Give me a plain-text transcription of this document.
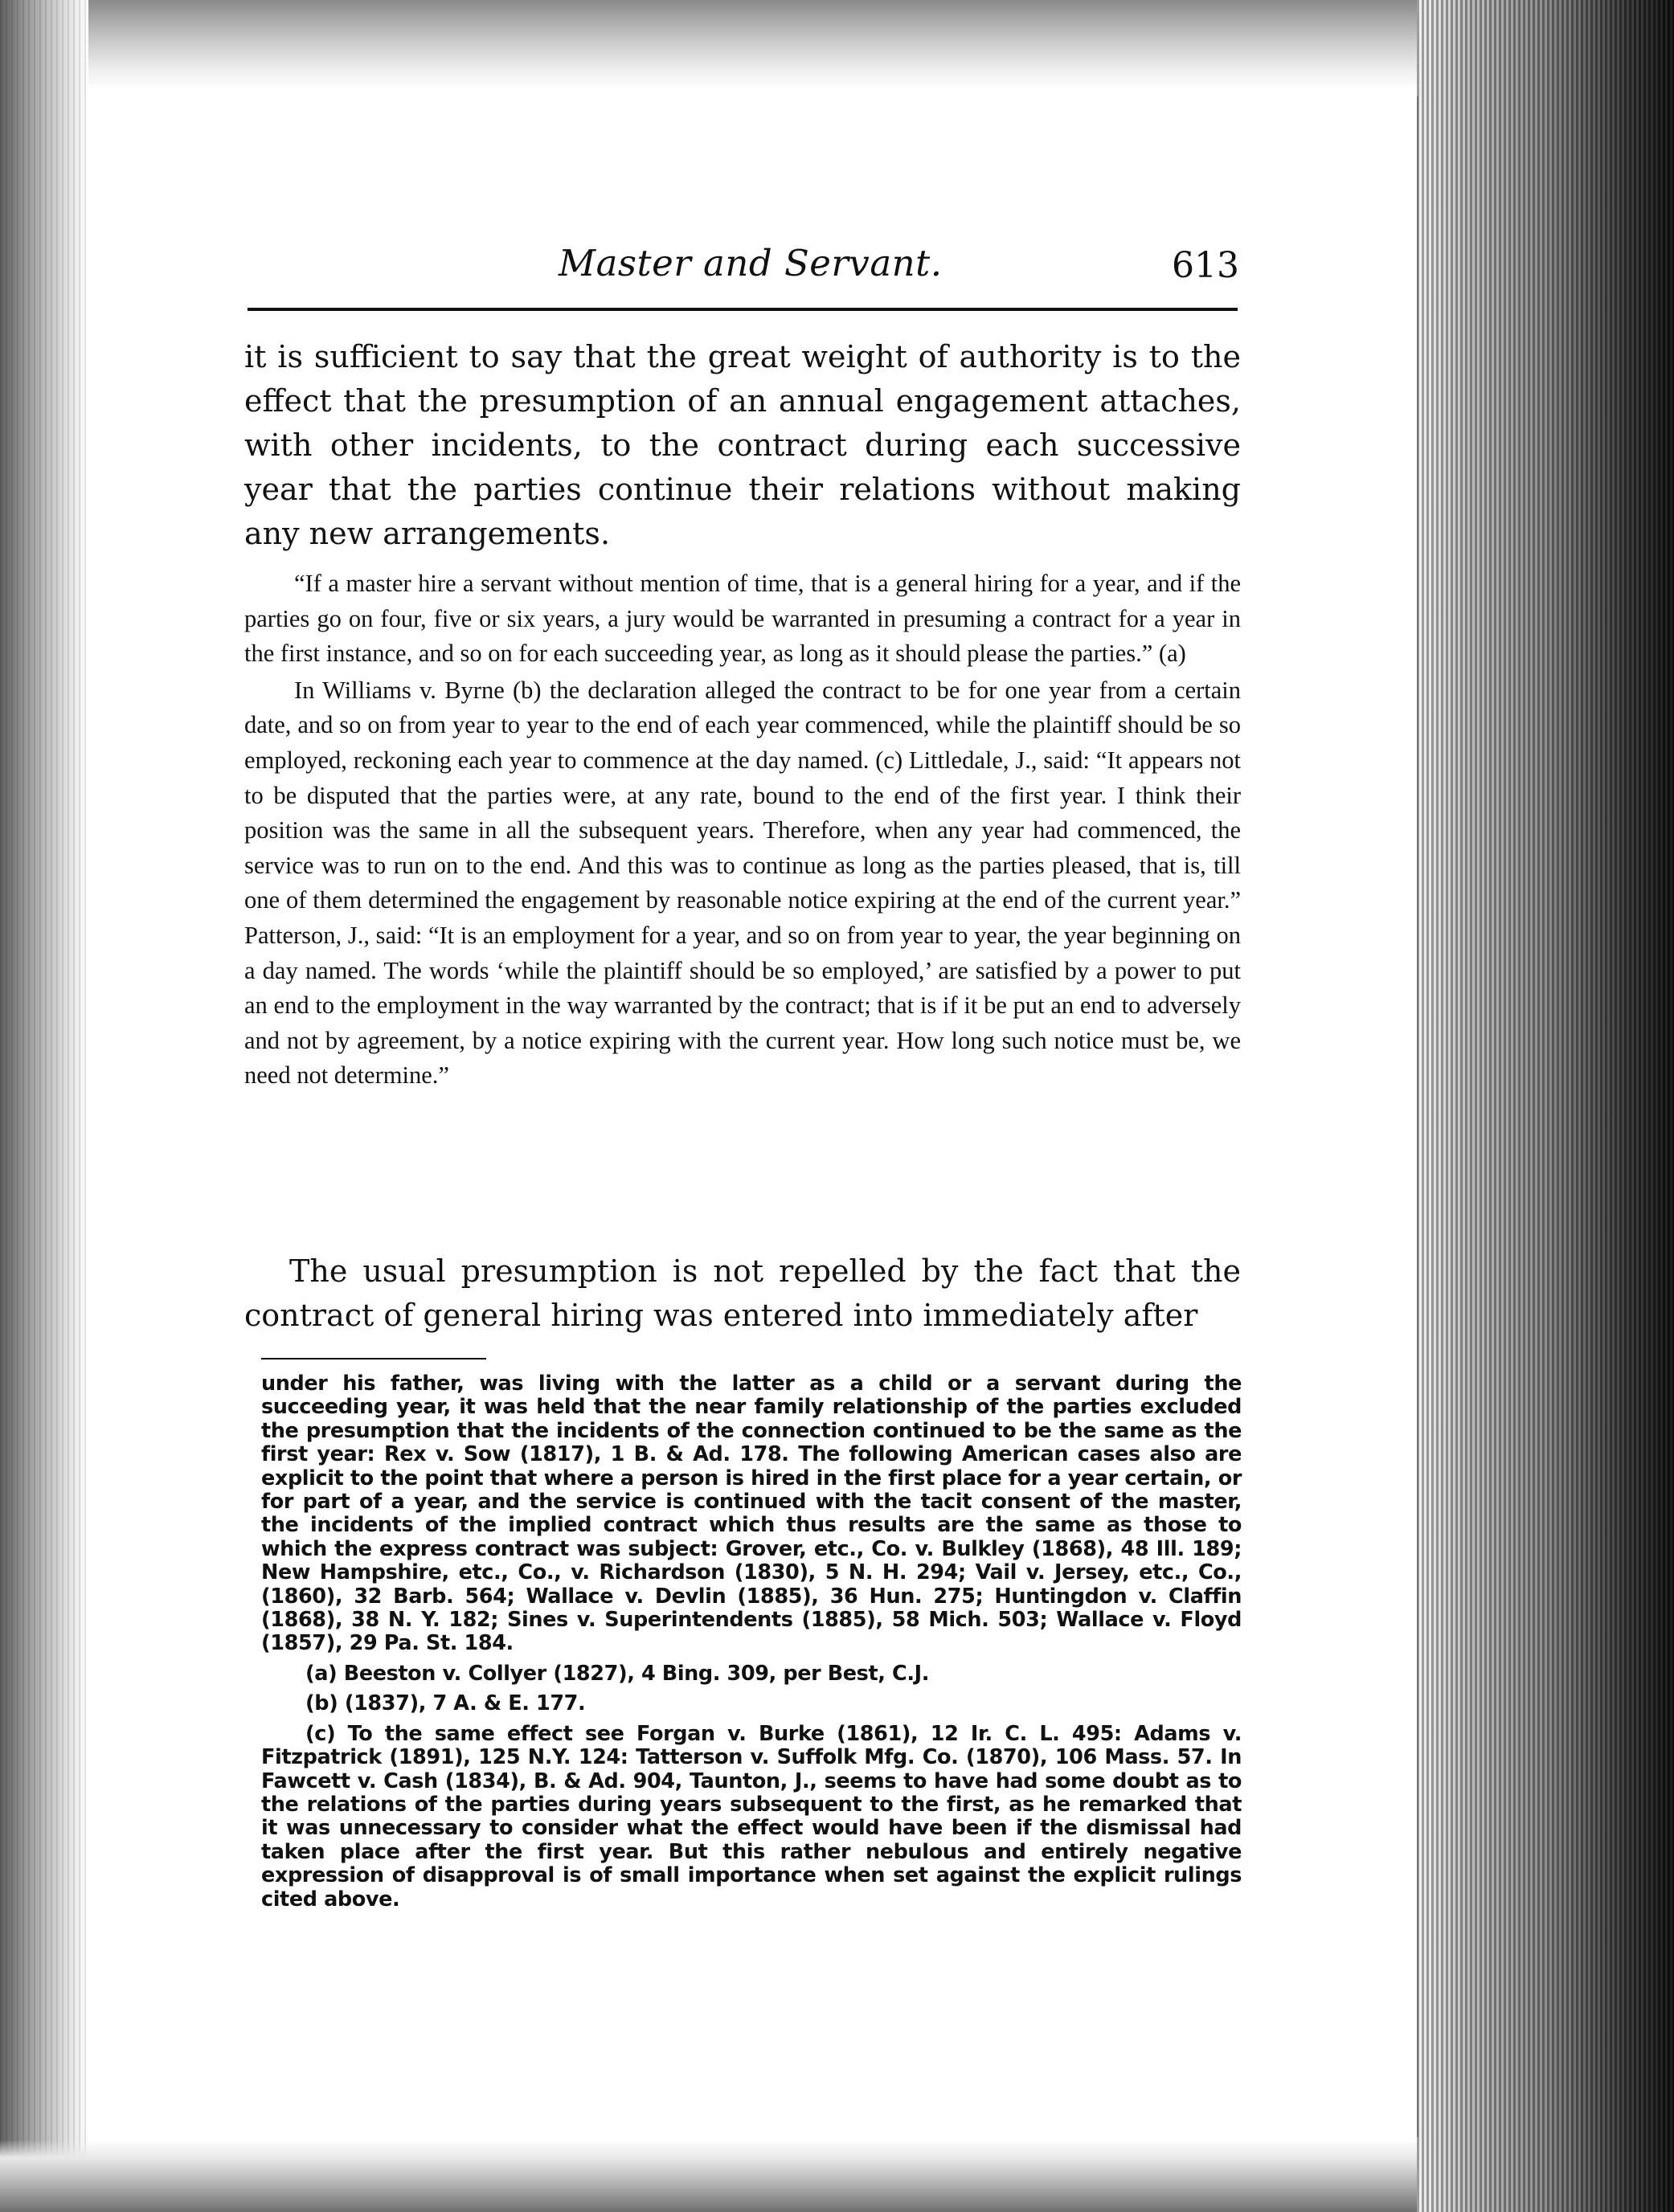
Master and Servant.	613

it is sufficient to say that the great weight of authority is to the effect that the presumption of an annual engagement attaches, with other incidents, to the contract during each successive year that the parties continue their relations without making any new arrangements.

“If a master hire a servant without mention of time, that is a general hiring for a year, and if the parties go on four, five or six years, a jury would be warranted in presuming a contract for a year in the first instance, and so on for each succeeding year, as long as it should please the parties.” (a)

In Williams v. Byrne (b) the declaration alleged the contract to be for one year from a certain date, and so on from year to year to the end of each year commenced, while the plaintiff should be so employed, reckoning each year to commence at the day named. (c) Littledale, J., said: “It appears not to be disputed that the parties were, at any rate, bound to the end of the first year. I think their position was the same in all the subsequent years. Therefore, when any year had commenced, the service was to run on to the end. And this was to continue as long as the parties pleased, that is, till one of them determined the engagement by reasonable notice expiring at the end of the current year.” Patterson, J., said: “It is an employment for a year, and so on from year to year, the year beginning on a day named. The words ‘while the plaintiff should be so employed,’ are satisfied by a power to put an end to the employment in the way warranted by the contract; that is if it be put an end to adversely and not by agreement, by a notice expiring with the current year. How long such notice must be, we need not determine.”

The usual presumption is not repelled by the fact that the contract of general hiring was entered into immediately after

under his father, was living with the latter as a child or a servant during the succeeding year, it was held that the near family relationship of the parties excluded the presumption that the incidents of the connection continued to be the same as the first year: Rex v. Sow (1817), 1 B. & Ad. 178. The following American cases also are explicit to the point that where a person is hired in the first place for a year certain, or for part of a year, and the service is continued with the tacit consent of the master, the incidents of the implied contract which thus results are the same as those to which the express contract was subject: Grover, etc., Co. v. Bulkley (1868), 48 Ill. 189; New Hampshire, etc., Co., v. Richardson (1830), 5 N. H. 294; Vail v. Jersey, etc., Co., (1860), 32 Barb. 564; Wallace v. Devlin (1885), 36 Hun. 275; Huntingdon v. Claffin (1868), 38 N. Y. 182; Sines v. Superintendents (1885), 58 Mich. 503; Wallace v. Floyd (1857), 29 Pa. St. 184.

(a) Beeston v. Collyer (1827), 4 Bing. 309, per Best, C.J.

(b) (1837), 7 A. & E. 177.

(c) To the same effect see Forgan v. Burke (1861), 12 Ir. C. L. 495: Adams v. Fitzpatrick (1891), 125 N.Y. 124: Tatterson v. Suffolk Mfg. Co. (1870), 106 Mass. 57. In Fawcett v. Cash (1834), B. & Ad. 904, Taunton, J., seems to have had some doubt as to the relations of the parties during years subsequent to the first, as he remarked that it was unnecessary to consider what the effect would have been if the dismissal had taken place after the first year. But this rather nebulous and entirely negative expression of disapproval is of small importance when set against the explicit rulings cited above.
